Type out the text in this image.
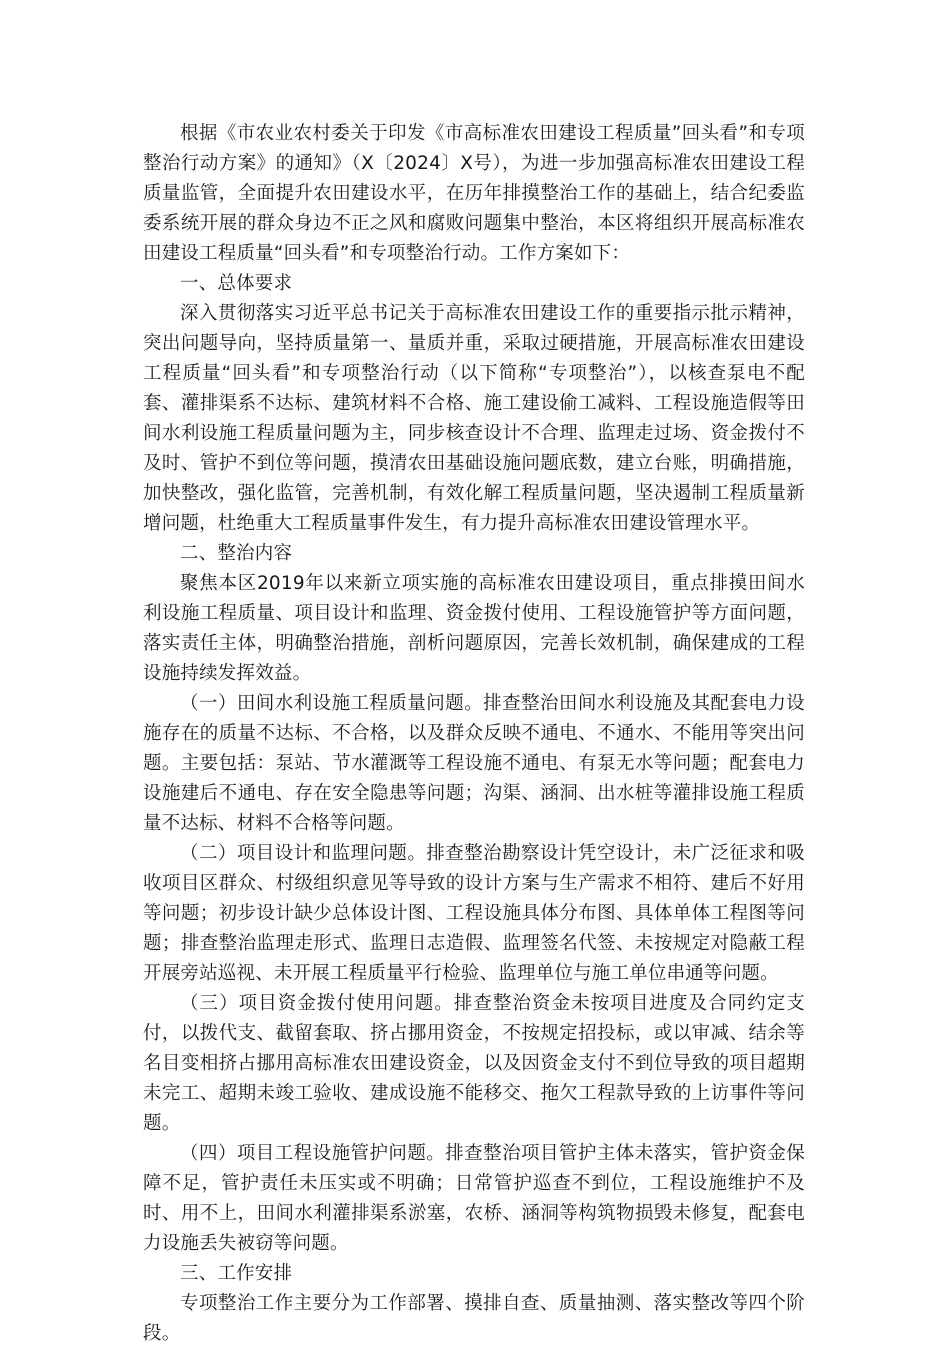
根据《市农业农村委关于印发《市高标准农田建设工程质量”回头看”和专项整治行动方案》的通知》（X〔2024〕X号），为进一步加强高标准农田建设工程质量监管，全面提升农田建设水平，在历年排摸整治工作的基础上，结合纪委监委系统开展的群众身边不正之风和腐败问题集中整治，本区将组织开展高标准农田建设工程质量“回头看”和专项整治行动。工作方案如下：

一、总体要求

深入贯彻落实习近平总书记关于高标准农田建设工作的重要指示批示精神，突出问题导向，坚持质量第一、量质并重，采取过硬措施，开展高标准农田建设工程质量“回头看”和专项整治行动（以下简称“专项整治”），以核查泵电不配套、灌排渠系不达标、建筑材料不合格、施工建设偷工减料、工程设施造假等田间水利设施工程质量问题为主，同步核查设计不合理、监理走过场、资金拨付不及时、管护不到位等问题，摸清农田基础设施问题底数，建立台账，明确措施，加快整改，强化监管，完善机制，有效化解工程质量问题，坚决遏制工程质量新增问题，杜绝重大工程质量事件发生，有力提升高标准农田建设管理水平。

二、整治内容

聚焦本区2019年以来新立项实施的高标准农田建设项目，重点排摸田间水利设施工程质量、项目设计和监理、资金拨付使用、工程设施管护等方面问题，落实责任主体，明确整治措施，剖析问题原因，完善长效机制，确保建成的工程设施持续发挥效益。

（一）田间水利设施工程质量问题。排查整治田间水利设施及其配套电力设施存在的质量不达标、不合格，以及群众反映不通电、不通水、不能用等突出问题。主要包括：泵站、节水灌溉等工程设施不通电、有泵无水等问题；配套电力设施建后不通电、存在安全隐患等问题；沟渠、涵洞、出水桩等灌排设施工程质量不达标、材料不合格等问题。

（二）项目设计和监理问题。排查整治勘察设计凭空设计，未广泛征求和吸收项目区群众、村级组织意见等导致的设计方案与生产需求不相符、建后不好用等问题；初步设计缺少总体设计图、工程设施具体分布图、具体单体工程图等问题；排查整治监理走形式、监理日志造假、监理签名代签、未按规定对隐蔽工程开展旁站巡视、未开展工程质量平行检验、监理单位与施工单位串通等问题。

（三）项目资金拨付使用问题。排查整治资金未按项目进度及合同约定支付，以拨代支、截留套取、挤占挪用资金，不按规定招投标，或以审减、结余等名目变相挤占挪用高标准农田建设资金，以及因资金支付不到位导致的项目超期未完工、超期未竣工验收、建成设施不能移交、拖欠工程款导致的上访事件等问题。

（四）项目工程设施管护问题。排查整治项目管护主体未落实，管护资金保障不足，管护责任未压实或不明确；日常管护巡查不到位，工程设施维护不及时、用不上，田间水利灌排渠系淤塞，农桥、涵洞等构筑物损毁未修复，配套电力设施丢失被窃等问题。

三、工作安排

专项整治工作主要分为工作部署、摸排自查、质量抽测、落实整改等四个阶段。
